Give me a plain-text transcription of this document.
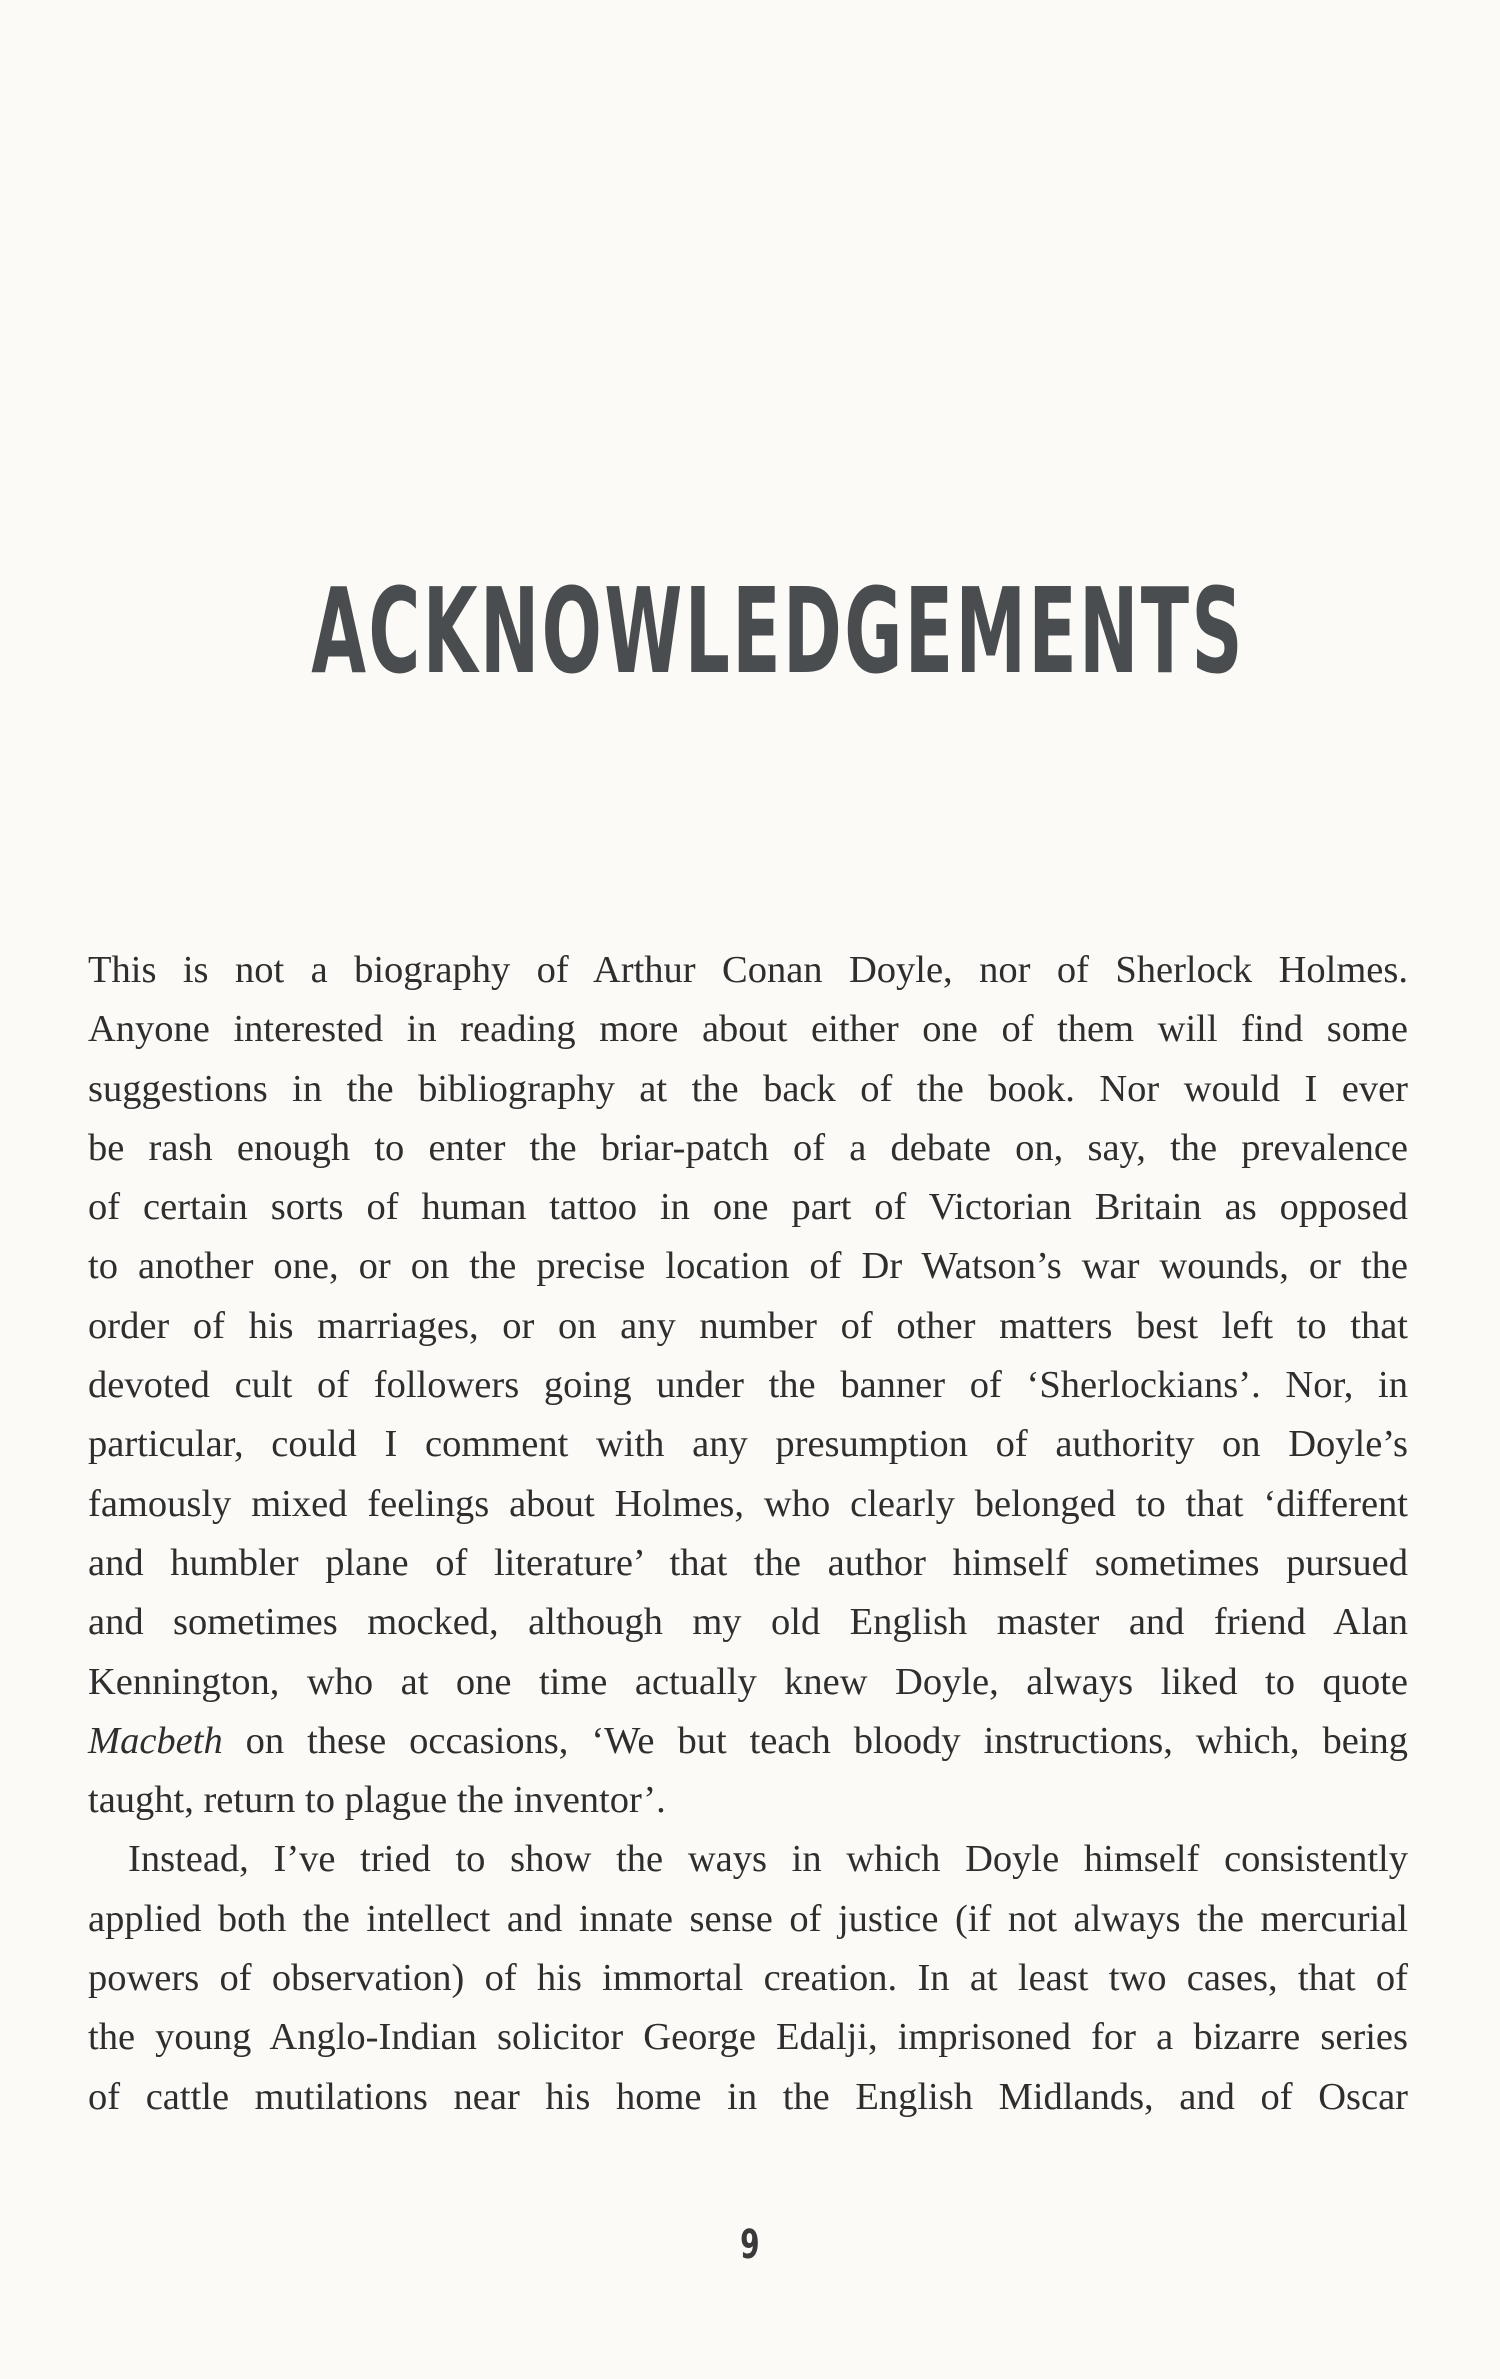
ACKNOWLEDGEMENTS
This is not a biography of Arthur Conan Doyle, nor of Sherlock Holmes.
Anyone interested in reading more about either one of them will find some
suggestions in the bibliography at the back of the book. Nor would I ever
be rash enough to enter the briar-patch of a debate on, say, the prevalence
of certain sorts of human tattoo in one part of Victorian Britain as opposed
to another one, or on the precise location of Dr Watson’s war wounds, or the
order of his marriages, or on any number of other matters best left to that
devoted cult of followers going under the banner of ‘Sherlockians’. Nor, in
particular, could I comment with any presumption of authority on Doyle’s
famously mixed feelings about Holmes, who clearly belonged to that ‘different
and humbler plane of literature’ that the author himself sometimes pursued
and sometimes mocked, although my old English master and friend Alan
Kennington, who at one time actually knew Doyle, always liked to quote
Macbeth on these occasions, ‘We but teach bloody instructions, which, being
taught, return to plague the inventor’.
Instead, I’ve tried to show the ways in which Doyle himself consistently
applied both the intellect and innate sense of justice (if not always the mercurial
powers of observation) of his immortal creation. In at least two cases, that of
the young Anglo-Indian solicitor George Edalji, imprisoned for a bizarre series
of cattle mutilations near his home in the English Midlands, and of Oscar
9
